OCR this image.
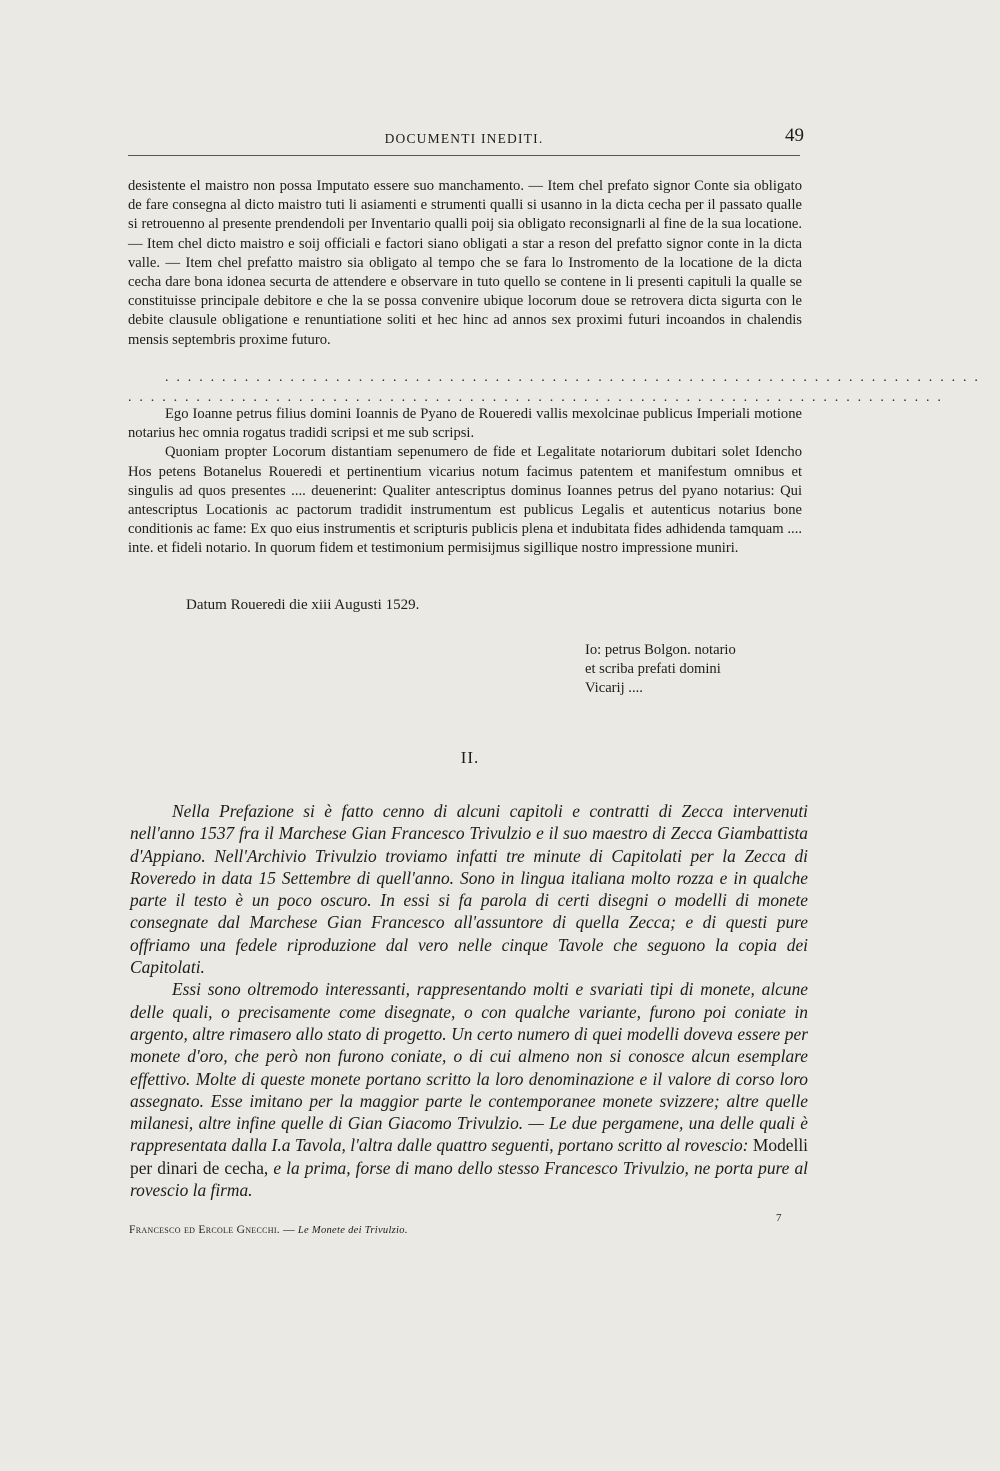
DOCUMENTI INEDITI.	49

desistente el maistro non possa Imputato essere suo manchamento. — Item chel prefato signor Conte sia obligato de fare consegna al dicto maistro tuti li asiamenti e strumenti qualli si usanno in la dicta cecha per il passato qualle si retrouenno al presente prendendoli per Inventario qualli poij sia obligato reconsignarli al fine de la sua locatione. — Item chel dicto maistro e soij officiali e factori siano obligati a star a reson del prefatto signor conte in la dicta valle. — Item chel prefatto maistro sia obligato al tempo che se fara lo Instromento de la locatione de la dicta cecha dare bona idonea securta de attendere e observare in tuto quello se contene in li presenti capituli la qualle se constituisse principale debitore e che la se possa convenire ubique locorum doue se retrovera dicta sigurta con le debite clausule obligatione e renuntiatione soliti et hec hinc ad annos sex proximi futuri incoandos in chalendis mensis septembris proxime futuro.

. . . . . . . . . . . . . . . . . . . . . . . . . . . . . . . . . . . . . . . . . . . . . . . . . . . . . . . . . . . . . . . . . . . . . . . .
. . . . . . . . . . . . . . . . . . . . . . . . . . . . . . . . . . . . . . . . . . . . . . . . . . . . . . . . . . . . . . . . . . . . . . . .

Ego Ioanne petrus filius domini Ioannis de Pyano de Roueredi vallis mexolcinae publicus Imperiali motione notarius hec omnia rogatus tradidi scripsi et me sub scripsi.

Quoniam propter Locorum distantiam sepenumero de fide et Legalitate notariorum dubitari solet Idencho Hos petens Botanelus Roueredi et pertinentium vicarius notum facimus patentem et manifestum omnibus et singulis ad quos presentes .... deuenerint: Qualiter antescriptus dominus Ioannes petrus del pyano notarius: Qui antescriptus Locationis ac pactorum tradidit instrumentum est publicus Legalis et autenticus notarius bone conditionis ac fame: Ex quo eius instrumentis et scripturis publicis plena et indubitata fides adhidenda tamquam .... inte. et fideli notario. In quorum fidem et testimonium permisijmus sigillique nostro impressione muniri.

Datum Roueredi die xiii Augusti 1529.
Io: petrus Bolgon. notario
et scriba prefati domini
Vicarij ....
II.

Nella Prefazione si è fatto cenno di alcuni capitoli e contratti di Zecca intervenuti nell'anno 1537 fra il Marchese Gian Francesco Trivulzio e il suo maestro di Zecca Giambattista d'Appiano. Nell'Archivio Trivulzio troviamo infatti tre minute di Capitolati per la Zecca di Roveredo in data 15 Settembre di quell'anno. Sono in lingua italiana molto rozza e in qualche parte il testo è un poco oscuro. In essi si fa parola di certi disegni o modelli di monete consegnate dal Marchese Gian Francesco all'assuntore di quella Zecca; e di questi pure offriamo una fedele riproduzione dal vero nelle cinque Tavole che seguono la copia dei Capitolati.

Essi sono oltremodo interessanti, rappresentando molti e svariati tipi di monete, alcune delle quali, o precisamente come disegnate, o con qualche variante, furono poi coniate in argento, altre rimasero allo stato di progetto. Un certo numero di quei modelli doveva essere per monete d'oro, che però non furono coniate, o di cui almeno non si conosce alcun esemplare effettivo. Molte di queste monete portano scritto la loro denominazione e il valore di corso loro assegnato. Esse imitano per la maggior parte le contemporanee monete svizzere; altre quelle milanesi, altre infine quelle di Gian Giacomo Trivulzio. — Le due pergamene, una delle quali è rappresentata dalla I.a Tavola, l'altra dalle quattro seguenti, portano scritto al rovescio: Modelli per dinari de cecha, e la prima, forse di mano dello stesso Francesco Trivulzio, ne porta pure al rovescio la firma.

Francesco ed Ercole Gnecchi. — Le Monete dei Trivulzio.
7
